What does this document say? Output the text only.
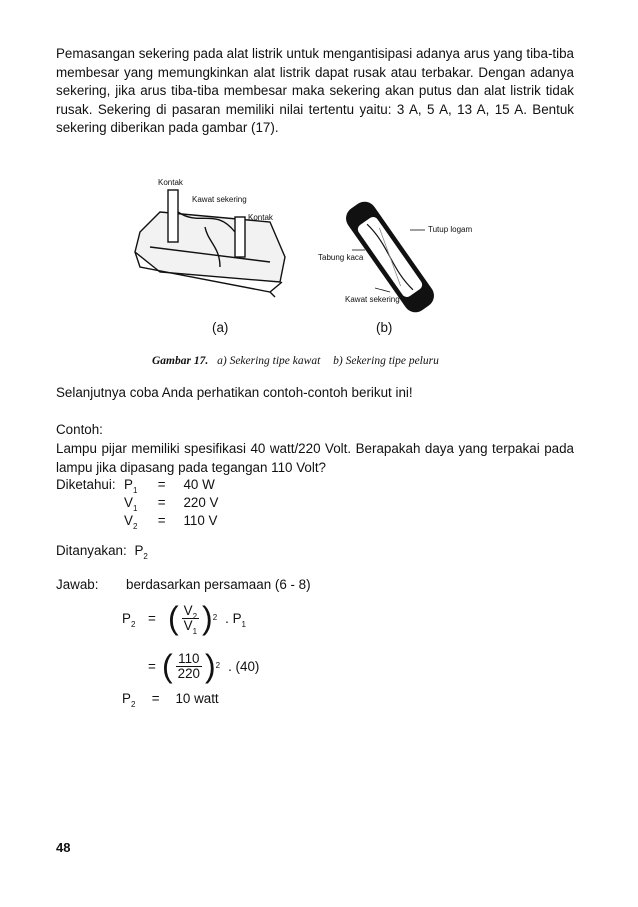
Pemasangan sekering pada alat listrik untuk mengantisipasi adanya arus yang tiba-tiba membesar yang memungkinkan alat listrik dapat rusak atau terbakar. Dengan adanya sekering, jika arus tiba-tiba membesar maka sekering akan putus dan alat listrik tidak rusak. Sekering di pasaran memiliki nilai tertentu yaitu: 3 A, 5 A, 13 A, 15 A. Bentuk sekering diberikan pada gambar (17).

Kontak
Kawat sekering
Kontak
Tutup logam
Tabung kaca
Kawat sekering
(a)	(b)
Gambar 17. a) Sekering tipe kawat b) Sekering tipe peluru
Selanjutnya coba Anda perhatikan contoh-contoh berikut ini!
Contoh:

Lampu pijar memiliki spesifikasi 40 watt/220 Volt. Berapakah daya yang terpakai pada lampu jika dipasang pada tegangan 110 Volt?

Diketahui: $P_1 = 40$ W
$V_1 = 220$ V
$V_2 = 110$ V
Ditanyakan: $P_2$
Jawab: berdasarkan persamaan (6 - 8)
$P_2$ = ( $\frac{V_2}{V_1}$ ) 2 . $P_1$
= ( $\frac{110}{220}$ ) 2 . (40)
$P_2 = 10$ watt
48
